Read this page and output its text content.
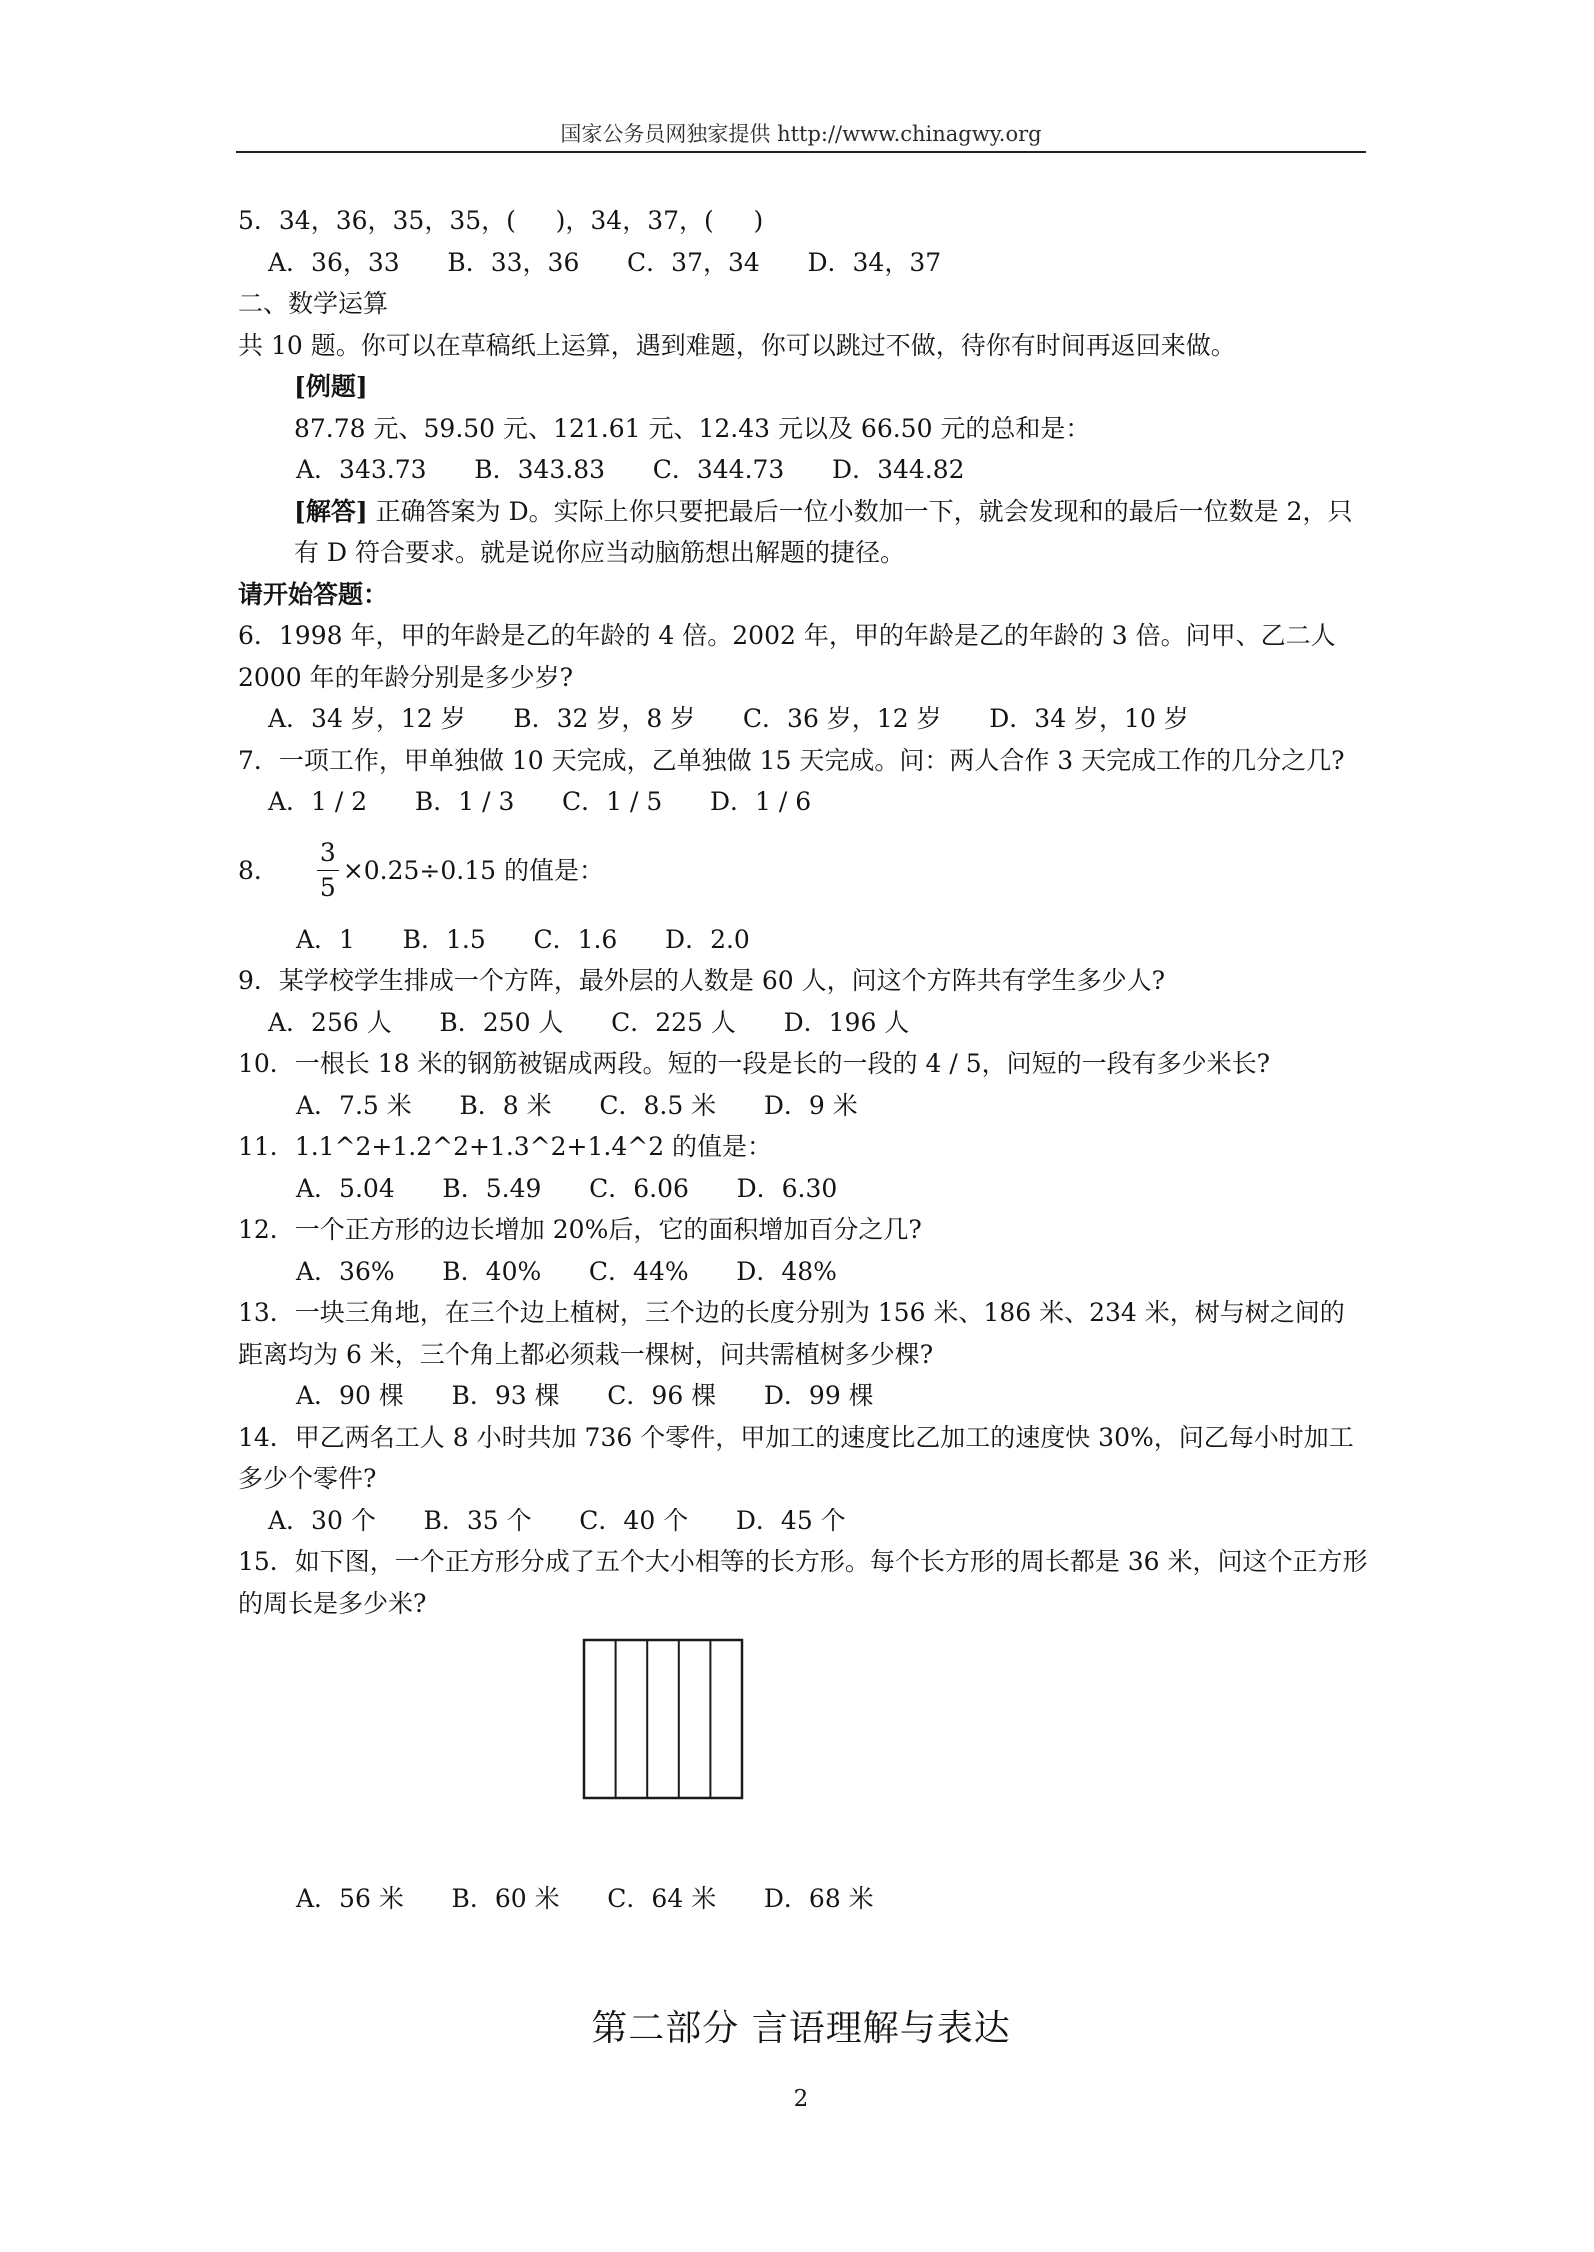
国家公务员网独家提供 http://www.chinagwy.org
5．34，36，35，35，(     )，34，37，(     )
A．36，33      B．33，36      C．37，34      D．34，37
二、数学运算
共 10 题。你可以在草稿纸上运算，遇到难题，你可以跳过不做，待你有时间再返回来做。
[例题]
87.78 元、59.50 元、121.61 元、12.43 元以及 66.50 元的总和是：
A．343.73      B．343.83      C．344.73      D．344.82
[解答] 正确答案为 D。实际上你只要把最后一位小数加一下，就会发现和的最后一位数是 2，只有 D 符合要求。就是说你应当动脑筋想出解题的捷径。
请开始答题：
6．1998 年，甲的年龄是乙的年龄的 4 倍。2002 年，甲的年龄是乙的年龄的 3 倍。问甲、乙二人 2000 年的年龄分别是多少岁?
A．34 岁，12 岁      B．32 岁，8 岁      C．36 岁，12 岁      D．34 岁，10 岁
7．一项工作，甲单独做 10 天完成，乙单独做 15 天完成。问：两人合作 3 天完成工作的几分之几?
A．1 / 2      B．1 / 3      C．1 / 5      D．1 / 6
8． $\frac{3}{5} \times 0.25\div 0.15$ 的值是：
A．1      B．1.5      C．1.6      D．2.0
9．某学校学生排成一个方阵，最外层的人数是 60 人，问这个方阵共有学生多少人?
A．256 人      B．250 人      C．225 人      D．196 人
10．一根长 18 米的钢筋被锯成两段。短的一段是长的一段的 4 / 5，问短的一段有多少米长?
A．7.5 米      B．8 米      C．8.5 米      D．9 米
11．1.1^2+1.2^2+1.3^2+1.4^2 的值是：
A．5.04      B．5.49      C．6.06      D．6.30
12．一个正方形的边长增加 20%后，它的面积增加百分之几?
A．36%      B．40%      C．44%      D．48%
13．一块三角地，在三个边上植树，三个边的长度分别为 156 米、186 米、234 米，树与树之间的距离均为 6 米，三个角上都必须栽一棵树，问共需植树多少棵?
A．90 棵      B．93 棵      C．96 棵      D．99 棵
14．甲乙两名工人 8 小时共加 736 个零件，甲加工的速度比乙加工的速度快 30%，问乙每小时加工多少个零件?
A．30 个      B．35 个      C．40 个      D．45 个
15．如下图，一个正方形分成了五个大小相等的长方形。每个长方形的周长都是 36 米，问这个正方形的周长是多少米?
A．56 米      B．60 米      C．64 米      D．68 米
第二部分 言语理解与表达
2
